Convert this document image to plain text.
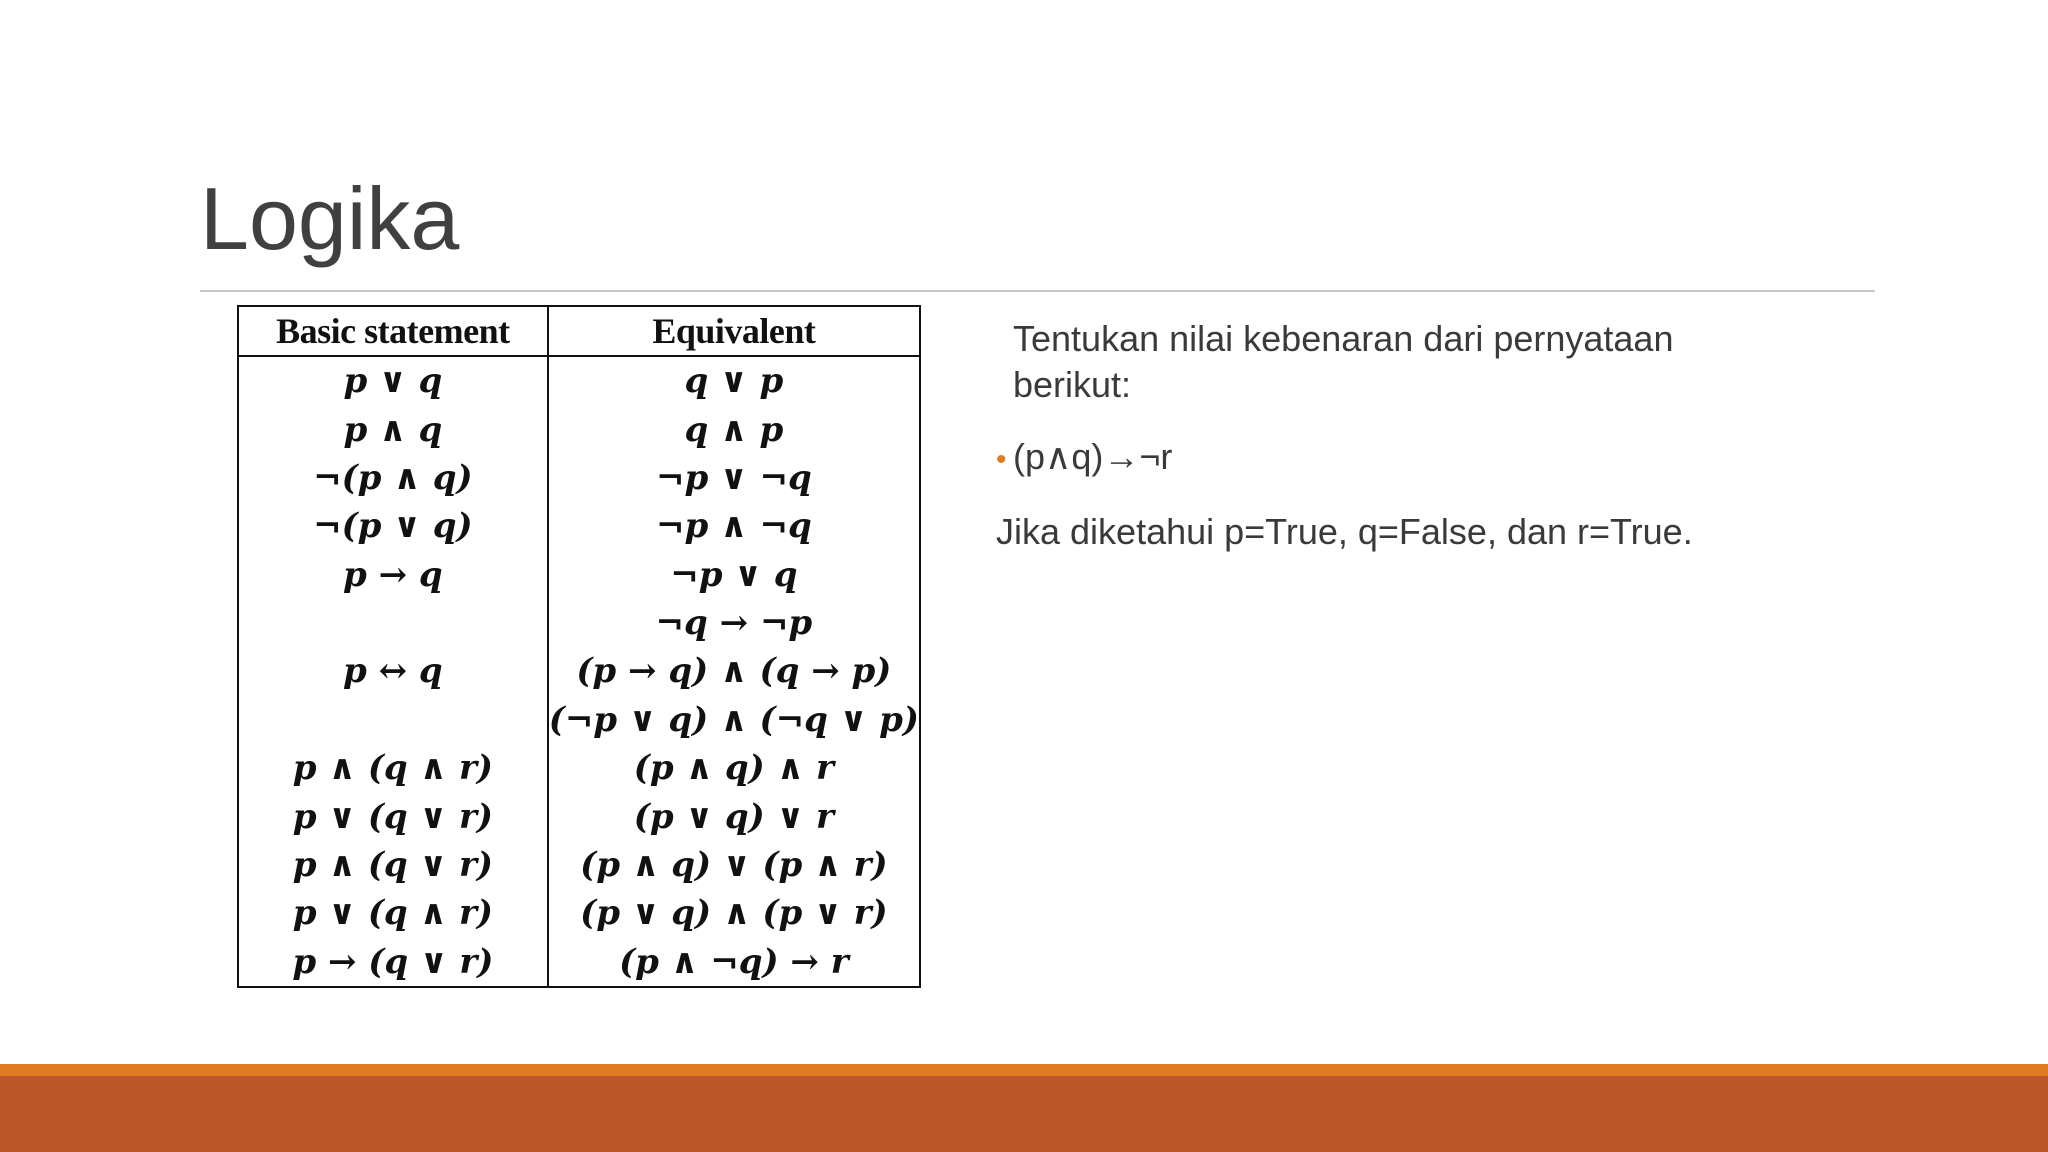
Logika
Basic statement	Equivalent
p ∨ q	q ∨ p
p ∧ q	q ∧ p
¬(p ∧ q)	¬p ∨ ¬q
¬(p ∨ q)	¬p ∧ ¬q
p → q	¬p ∨ q
	¬q → ¬p
p ↔ q	(p → q) ∧ (q → p)
	(¬p ∨ q) ∧ (¬q ∨ p)
p ∧ (q ∧ r)	(p ∧ q) ∧ r
p ∨ (q ∨ r)	(p ∨ q) ∨ r
p ∧ (q ∨ r)	(p ∧ q) ∨ (p ∧ r)
p ∨ (q ∧ r)	(p ∨ q) ∧ (p ∨ r)
p → (q ∨ r)	(p ∧ ¬q) → r
Tentukan nilai kebenaran dari pernyataan berikut:
• (p∧q)→¬r
Jika diketahui p=True, q=False, dan r=True.
